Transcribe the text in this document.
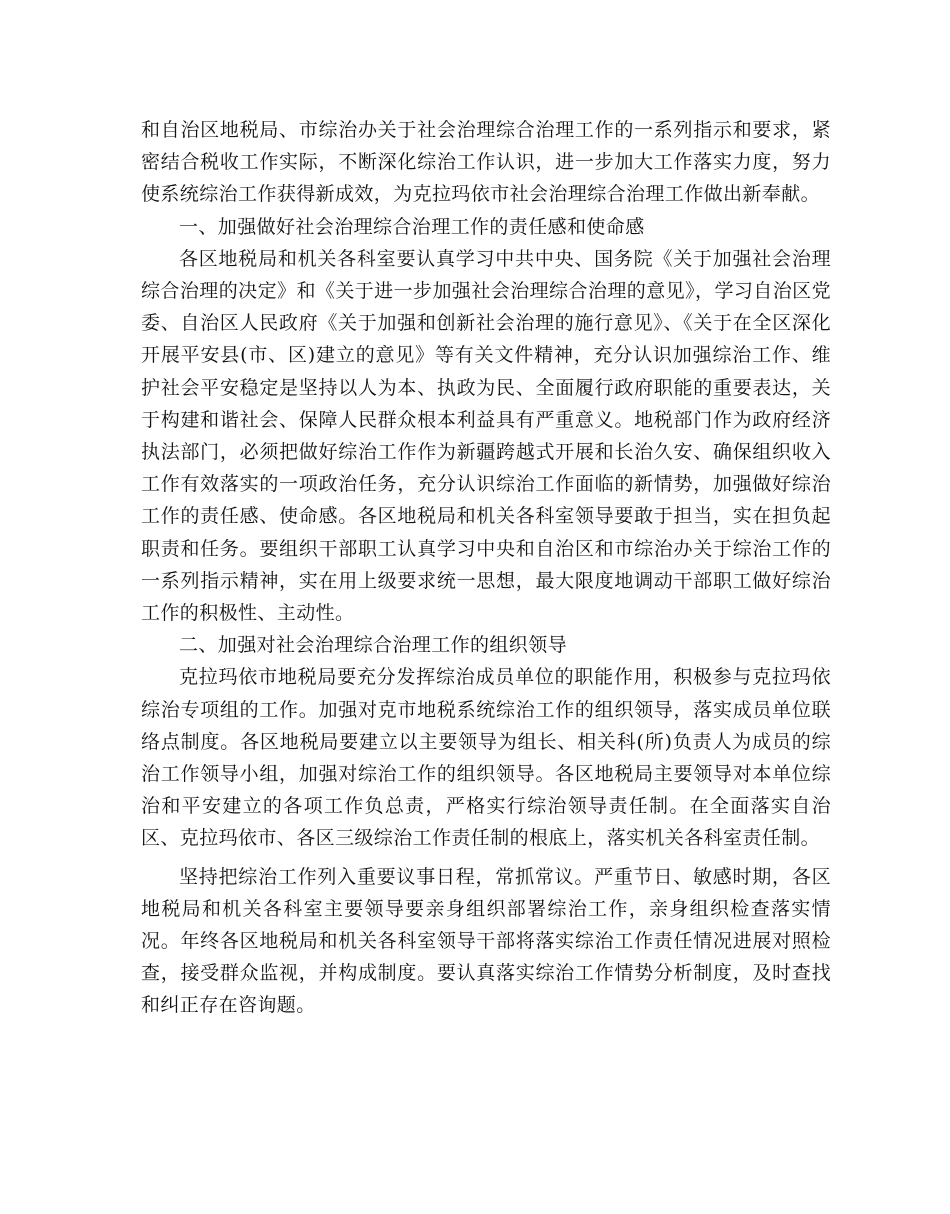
和自治区地税局、市综治办关于社会治理综合治理工作的一系列指示和要求，紧密结合税收工作实际，不断深化综治工作认识，进一步加大工作落实力度，努力使系统综治工作获得新成效，为克拉玛依市社会治理综合治理工作做出新奉献。

一、加强做好社会治理综合治理工作的责任感和使命感

各区地税局和机关各科室要认真学习中共中央、国务院《关于加强社会治理综合治理的决定》和《关于进一步加强社会治理综合治理的意见》，学习自治区党委、自治区人民政府《关于加强和创新社会治理的施行意见》、《关于在全区深化开展平安县(市、区)建立的意见》等有关文件精神，充分认识加强综治工作、维护社会平安稳定是坚持以人为本、执政为民、全面履行政府职能的重要表达，关于构建和谐社会、保障人民群众根本利益具有严重意义。地税部门作为政府经济执法部门，必须把做好综治工作作为新疆跨越式开展和长治久安、确保组织收入工作有效落实的一项政治任务，充分认识综治工作面临的新情势，加强做好综治工作的责任感、使命感。各区地税局和机关各科室领导要敢于担当，实在担负起职责和任务。要组织干部职工认真学习中央和自治区和市综治办关于综治工作的一系列指示精神，实在用上级要求统一思想，最大限度地调动干部职工做好综治工作的积极性、主动性。

二、加强对社会治理综合治理工作的组织领导

克拉玛依市地税局要充分发挥综治成员单位的职能作用，积极参与克拉玛依综治专项组的工作。加强对克市地税系统综治工作的组织领导，落实成员单位联络点制度。各区地税局要建立以主要领导为组长、相关科(所)负责人为成员的综治工作领导小组，加强对综治工作的组织领导。各区地税局主要领导对本单位综治和平安建立的各项工作负总责，严格实行综治领导责任制。在全面落实自治区、克拉玛依市、各区三级综治工作责任制的根底上，落实机关各科室责任制。

坚持把综治工作列入重要议事日程，常抓常议。严重节日、敏感时期，各区地税局和机关各科室主要领导要亲身组织部署综治工作，亲身组织检查落实情况。年终各区地税局和机关各科室领导干部将落实综治工作责任情况进展对照检查，接受群众监视，并构成制度。要认真落实综治工作情势分析制度，及时查找和纠正存在咨询题。
